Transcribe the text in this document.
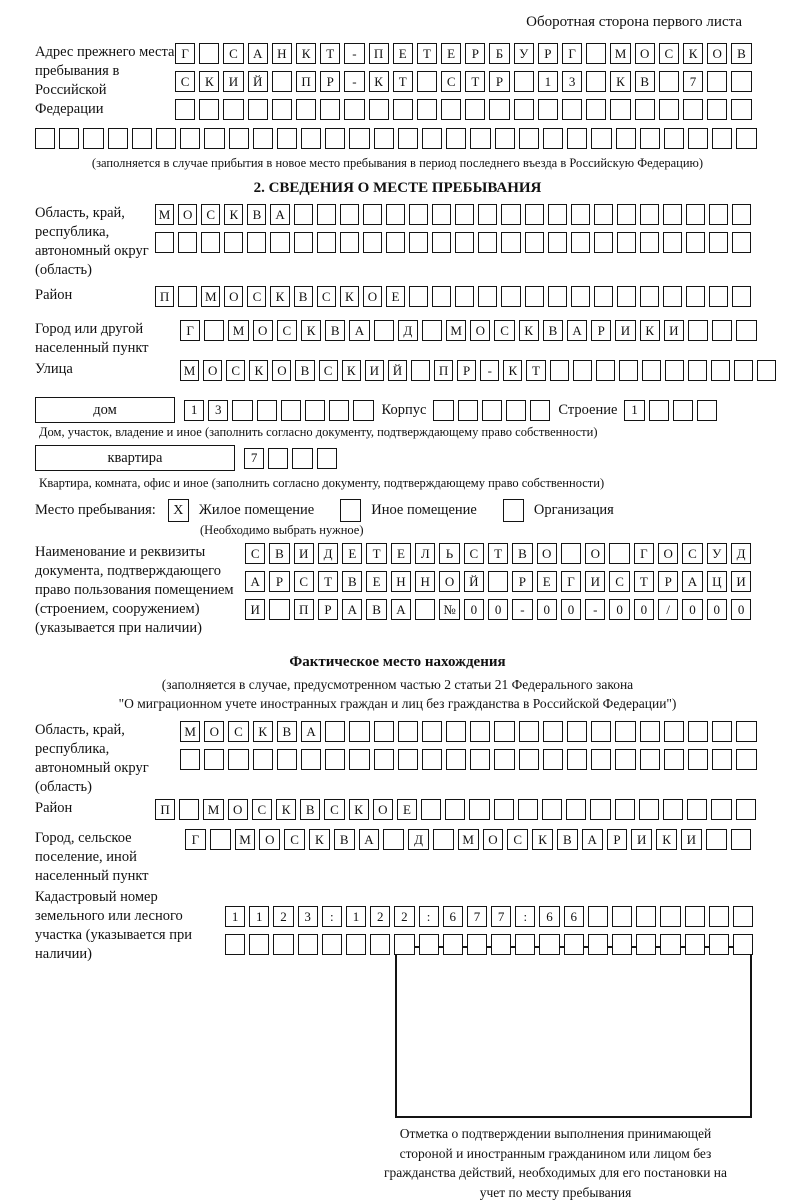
Оборотная сторона первого листа
Адрес прежнего места пребывания в Российской Федерации
Г	С	А	Н	К	Т	-	П	Е	Т	Е	Р	Б	У	Р	Г	М	О	С	К	О	В
С	К	И	Й	П	Р	-	К	Т	С	Т	Р	1	3	К	В	7
(заполняется в случае прибытия в новое место пребывания в период последнего въезда в Российскую Федерацию)
2. СВЕДЕНИЯ О МЕСТЕ ПРЕБЫВАНИЯ
Область, край, республика, автономный округ (область)
М О	С	К	В	А
Район	П	М О	С	К	В	С	К	О	Е
Город или другой населенный пункт
Г	М	О	С	К	В	А	Д	М	О	С	К	В	А	Р	И	К	И
Улица	М О	С	К	О	В	С	К	И	Й	П	Р	-	К	Т
дом	1	3	Корпус	Строение	1
Дом, участок, владение и иное (заполнить согласно документу, подтверждающему право собственности)
квартира	7
Квартира, комната, офис и иное (заполнить согласно документу, подтверждающему право собственности)
Место пребывания:	X	Жилое помещение	Иное помещение	Организация
(Необходимо выбрать нужное)
Наименование и реквизиты документа, подтверждающего право пользования помещением (строением, сооружением) (указывается при наличии)
С	В	И	Д	Е	Т	Е	Л	Ь	С	Т	В	О	О	Г	О	С	У	Д
А	Р	С	Т	В	Е	Н	Н	О	Й	Р	Е	Г	И	С	Т	Р	А	Ц	И
И	П	Р	А	В	А	№	0	0	-	0	0	-	0	0	/	0	0	0
Фактическое место нахождения
(заполняется в случае, предусмотренном частью 2 статьи 21 Федерального закона
"О миграционном учете иностранных граждан и лиц без гражданства в Российской Федерации")
Область, край, республика, автономный округ (область)
М	О	С	К	В	А
Район	П	М	О	С	К	В	С	К	О	Е
Город, сельское поселение, иной населенный пункт
Г	М	О	С	К	В	А	Д	М	О	С	К	В	А	Р	И	К	И
Кадастровый номер земельного или лесного участка (указывается при наличии)
1	1	2	3	:	1	2	2	:	6	7	7	:	6	6
Отметка о подтверждении выполнения принимающей стороной и иностранным гражданином или лицом без гражданства действий, необходимых для его постановки на учет по месту пребывания
